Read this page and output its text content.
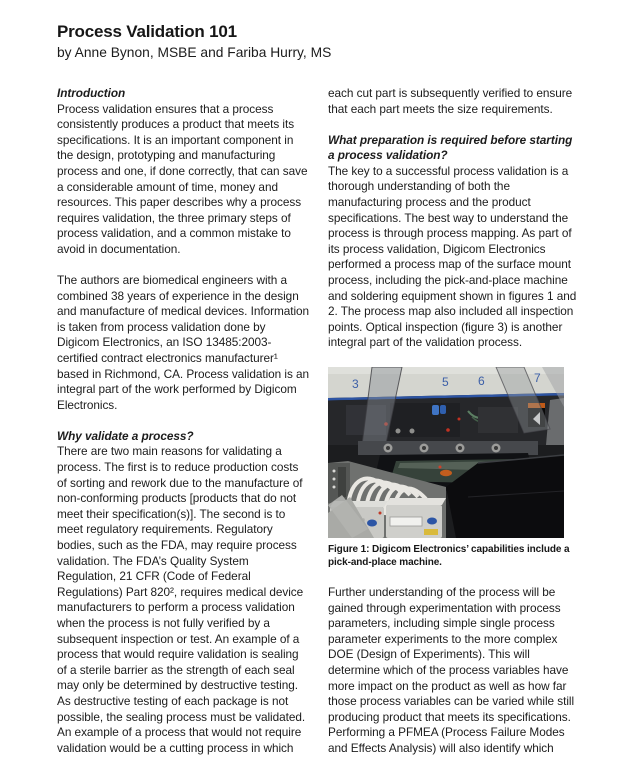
Process Validation 101
by Anne Bynon, MSBE and Fariba Hurry, MS

Introduction

Process validation ensures that a process consistently produces a product that meets its specifications. It is an important component in the design, prototyping and manufacturing process and one, if done correctly, that can save a considerable amount of time, money and resources. This paper describes why a process requires validation, the three primary steps of process validation, and a common mistake to avoid in documentation.

The authors are biomedical engineers with a combined 38 years of experience in the design and manufacture of medical devices. Information is taken from process validation done by Digicom Electronics, an ISO 13485:2003-certified contract electronics manufacturer¹ based in Richmond, CA. Process validation is an integral part of the work performed by Digicom Electronics.

Why validate a process?

There are two main reasons for validating a process. The first is to reduce production costs of sorting and rework due to the manufacture of non-conforming products [products that do not meet their specification(s)]. The second is to meet regulatory requirements. Regulatory bodies, such as the FDA, may require process validation. The FDA’s Quality System Regulation, 21 CFR (Code of Federal Regulations) Part 820², requires medical device manufacturers to perform a process validation when the process is not fully verified by a subsequent inspection or test. An example of a process that would require validation is sealing of a sterile barrier as the strength of each seal may only be determined by destructive testing. As destructive testing of each package is not possible, the sealing process must be validated. An example of a process that would not require validation would be a cutting process in which

each cut part is subsequently verified to ensure that each part meets the size requirements.

What preparation is required before starting a process validation?

The key to a successful process validation is a thorough understanding of both the manufacturing process and the product specifications. The best way to understand the process is through process mapping. As part of its process validation, Digicom Electronics performed a process map of the surface mount process, including the pick-and-place machine and soldering equipment shown in figures 1 and 2. The process map also included all inspection points. Optical inspection (figure 3) is another integral part of the validation process.

3	5 6	7
Figure 1: Digicom Electronics’ capabilities include a pick-and-place machine.

Further understanding of the process will be gained through experimentation with process parameters, including simple single process parameter experiments to the more complex DOE (Design of Experiments). This will determine which of the process variables have more impact on the product as well as how far those process variables can be varied while still producing product that meets its specifications. Performing a PFMEA (Process Failure Modes and Effects Analysis) will also identify which
